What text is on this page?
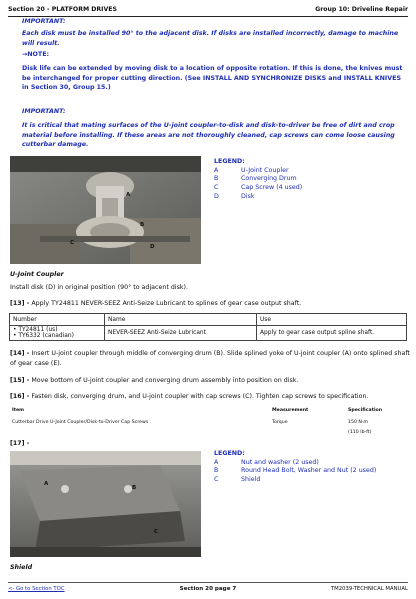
Section 20 - PLATFORM DRIVES	Group 10: Driveline Repair
IMPORTANT:
Each disk must be installed 90° to the adjacent disk. If disks are installed incorrectly, damage to machine will result.
→NOTE:
Disk life can be extended by moving disk to a location of opposite rotation. If this is done, the knives must be interchanged for proper cutting direction. (See INSTALL AND SYNCHRONIZE DISKS and INSTALL KNIVES in Section 30, Group 15.)
IMPORTANT:
It is critical that mating surfaces of the U-joint coupler-to-disk and disk-to-driver be free of dirt and crop material before installing. If these areas are not thoroughly cleaned, cap screws can come loose causing cutterbar damage.
A
B
C
D
LEGEND:
A	U-Joint Coupler
B	Converging Drum
C	Cap Screw (4 used)
D	Disk
U-Joint Coupler
Install disk (D) in original position (90° to adjacent disk).
[13] - Apply TY24811 NEVER-SEEZ Anti-Seize Lubricant to splines of gear case output shaft.
Number	Name	Use

• TY24811 (us)
• TY6332 (canadian)	NEVER-SEEZ Anti-Seize Lubricant	Apply to gear case output spline shaft.
[14] - Insert U-joint coupler through middle of converging drum (B). Slide splined yoke of U-joint coupler (A) onto splined shaft of gear case (E).
[15] - Move bottom of U-joint coupler and converging drum assembly into position on disk.
[16] - Fasten disk, converging drum, and U-joint coupler with cap screws (C). Tighten cap screws to specification.
Item	Measurement	Specification
Cutterbar Drive U-Joint Coupler/Disk-to-Driver Cap Screws	Torque	150 N·m
(110 lb-ft)
[17] -
A
B
C
LEGEND:
A	Nut and washer (2 used)
B	Round Head Bolt, Washer and Nut (2 used)
C	Shield
Shield
<- Go to Section TOC	Section 20 page 7	TM2039-TECHNICAL MANUAL
